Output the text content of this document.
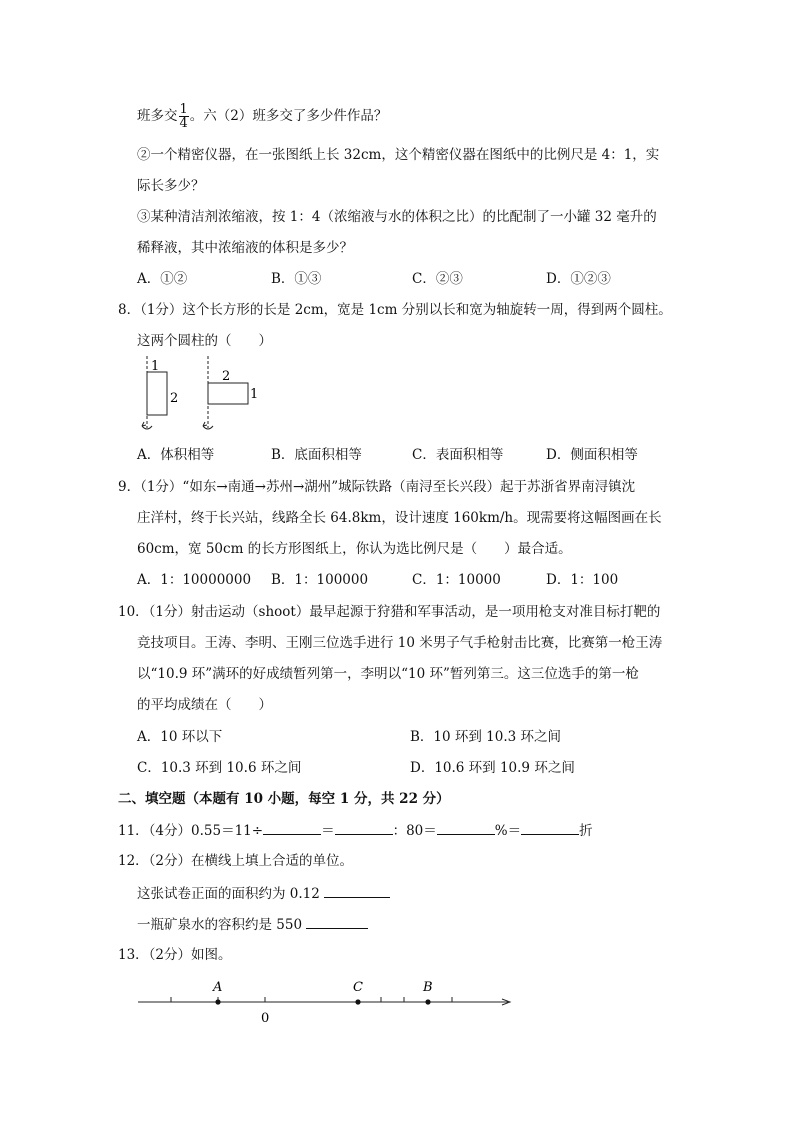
班多交 $\frac{1}{4}$ 。六（2）班多交了多少件作品？
②一个精密仪器，在一张图纸上长 32cm，这个精密仪器在图纸中的比例尺是 4：1，实
际长多少？
③某种清洁剂浓缩液，按 1：4（浓缩液与水的体积之比）的比配制了一小罐 32 毫升的
稀释液，其中浓缩液的体积是多少？
A．①②	B．①③	C．②③	D．①②③
8．（1分）这个长方形的长是 2cm，宽是 1cm 分别以长和宽为轴旋转一周，得到两个圆柱。
这两个圆柱的（　　）
1
2
2
1
A．体积相等	B．底面积相等	C．表面积相等	D．侧面积相等
9．（1分）“如东→南通→苏州→湖州”城际铁路（南浔至长兴段）起于苏浙省界南浔镇沈
庄洋村，终于长兴站，线路全长 64.8km，设计速度 160km/h。现需要将这幅图画在长
60cm，宽 50cm 的长方形图纸上，你认为选比例尺是（　　）最合适。
A．1：10000000 B．1：100000	C．1：10000	D．1：100
10．（1分）射击运动（shoot）最早起源于狩猎和军事活动，是一项用枪支对准目标打靶的
竞技项目。王涛、李明、王刚三位选手进行 10 米男子气手枪射击比赛，比赛第一枪王涛
以“10.9 环”满环的好成绩暂列第一，李明以“10 环”暂列第三。这三位选手的第一枪
的平均成绩在（　　）
A．10 环以下	B．10 环到 10.3 环之间
C．10.3 环到 10.6 环之间	D．10.6 环到 10.9 环之间
二、填空题（本题有 10 小题，每空 1 分，共 22 分）
11．（4分）0.55＝11÷	＝	：80＝	%＝	折
12．（2分）在横线上填上合适的单位。
这张试卷正面的面积约为 0.12
一瓶矿泉水的容积约是 550
13．（2分）如图。
A	C	B
0
